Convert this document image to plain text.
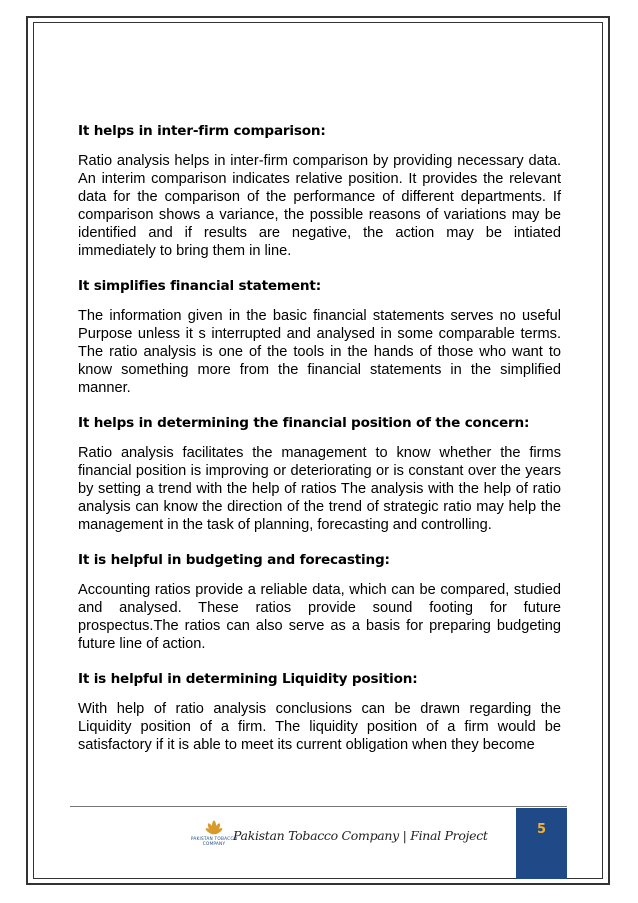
It helps in inter-firm comparison:

Ratio analysis helps in inter-firm comparison by providing necessary data. An interim comparison indicates relative position. It provides the relevant data for the comparison of the performance of different departments. If comparison shows a variance, the possible reasons of variations may be identified and if results are negative, the action may be intiated immediately to bring them in line.

It simplifies financial statement:

The information given in the basic financial statements serves no useful Purpose unless it s interrupted and analysed in some comparable terms. The ratio analysis is one of the tools in the hands of those who want to know something more from the financial statements in the simplified manner.

It helps in determining the financial position of the concern:

Ratio analysis facilitates the management to know whether the firms financial position is improving or deteriorating or is constant over the years by setting a trend with the help of ratios The analysis with the help of ratio analysis can know the direction of the trend of strategic ratio may help the management in the task of planning, forecasting and controlling.

It is helpful in budgeting and forecasting:

Accounting ratios provide a reliable data, which can be compared, studied and analysed. These ratios provide sound footing for future prospectus.The ratios can also serve as a basis for preparing budgeting future line of action.

It is helpful in determining Liquidity position:

With help of ratio analysis conclusions can be drawn regarding the Liquidity position of a firm. The liquidity position of a firm would be satisfactory if it is able to meet its current obligation when they become

PAKISTAN TOBACCO
COMPANY
Pakistan Tobacco Company | Final Project	5
